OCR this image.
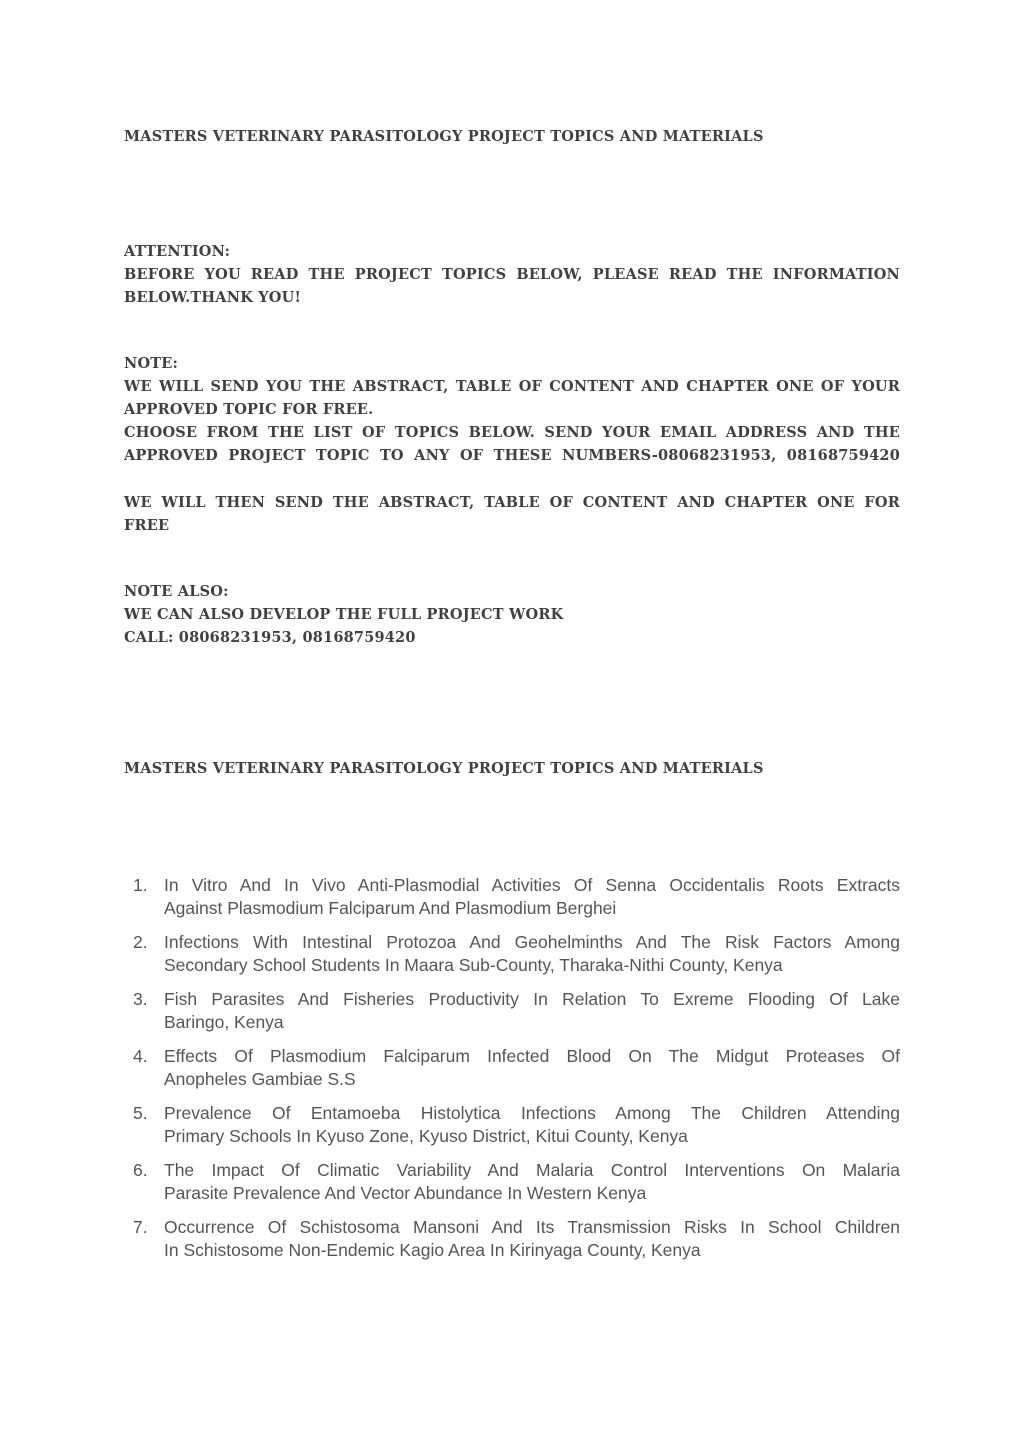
MASTERS VETERINARY PARASITOLOGY PROJECT TOPICS AND MATERIALS
ATTENTION:
BEFORE YOU READ THE PROJECT TOPICS BELOW, PLEASE READ THE INFORMATION
BELOW.THANK YOU!
NOTE:
WE WILL SEND YOU THE ABSTRACT, TABLE OF CONTENT AND CHAPTER ONE OF YOUR
APPROVED TOPIC FOR FREE.
CHOOSE FROM THE LIST OF TOPICS BELOW. SEND YOUR EMAIL ADDRESS AND THE
APPROVED PROJECT TOPIC TO ANY OF THESE NUMBERS-08068231953, 08168759420
WE WILL THEN SEND THE ABSTRACT, TABLE OF CONTENT AND CHAPTER ONE FOR
FREE
NOTE ALSO:
WE CAN ALSO DEVELOP THE FULL PROJECT WORK
CALL: 08068231953, 08168759420
MASTERS VETERINARY PARASITOLOGY PROJECT TOPICS AND MATERIALS
1. In Vitro And In Vivo Anti-Plasmodial Activities Of Senna Occidentalis Roots Extracts
Against Plasmodium Falciparum And Plasmodium Berghei
2. Infections With Intestinal Protozoa And Geohelminths And The Risk Factors Among
Secondary School Students In Maara Sub-County, Tharaka-Nithi County, Kenya
3. Fish Parasites And Fisheries Productivity In Relation To Exreme Flooding Of Lake
Baringo, Kenya
4. Effects Of Plasmodium Falciparum Infected Blood On The Midgut Proteases Of
Anopheles Gambiae S.S
5. Prevalence Of Entamoeba Histolytica Infections Among The Children Attending
Primary Schools In Kyuso Zone, Kyuso District, Kitui County, Kenya
6. The Impact Of Climatic Variability And Malaria Control Interventions On Malaria
Parasite Prevalence And Vector Abundance In Western Kenya
7. Occurrence Of Schistosoma Mansoni And Its Transmission Risks In School Children
In Schistosome Non-Endemic Kagio Area In Kirinyaga County, Kenya
